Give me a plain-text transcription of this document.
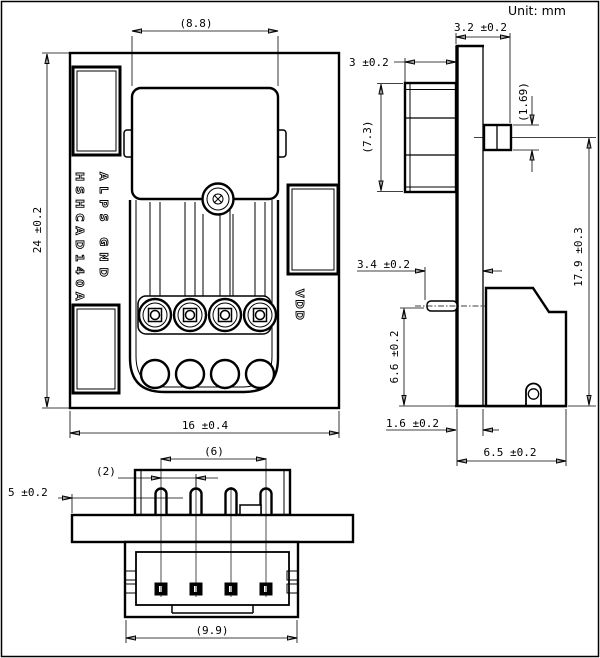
Unit: mm
HSHCAD140A ALPS GND
VDD
(8.8)
24 ±0.2
16 ±0.4
3 ±0.2
3.2 ±0.2
(7.3)
(1.69)
3.4 ±0.2	17.9 ±0.3
6.6 ±0.2
1.6 ±0.2
6.5 ±0.2
(6)
(2)
5 ±0.2
(9.9)
